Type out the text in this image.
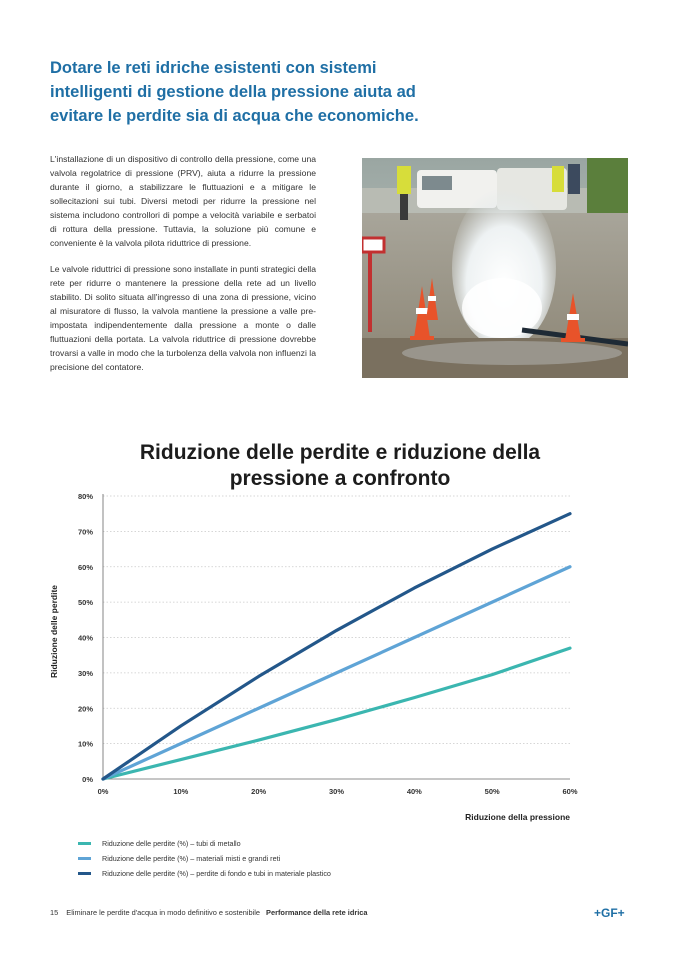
Dotare le reti idriche esistenti con sistemi intelligenti di gestione della pressione aiuta ad evitare le perdite sia di acqua che economiche.

L'installazione di un dispositivo di controllo della pressione, come una valvola regolatrice di pressione (PRV), aiuta a ridurre la pressione durante il giorno, a stabilizzare le fluttuazioni e a mitigare le sollecitazioni sui tubi. Diversi metodi per ridurre la pressione nel sistema includono controllori di pompe a velocità variabile e serbatoi di rottura della pressione. Tuttavia, la soluzione più comune e conveniente è la valvola pilota riduttrice di pressione.

Le valvole riduttrici di pressione sono installate in punti strategici della rete per ridurre o mantenere la pressione della rete ad un livello stabilito. Di solito situata all'ingresso di una zona di pressione, vicino al misuratore di flusso, la valvola mantiene la pressione a valle pre-impostata indipendentemente dalla pressione a monte o dalle fluttuazioni della portata. La valvola riduttrice di pressione dovrebbe trovarsi a valle in modo che la turbolenza della valvola non influenzi la precisione del contatore.

Riduzione delle perdite e riduzione della pressione a confronto
0%
10%
20%
30%
40%
50%
60%
70%
80%
0%	10%	20%	30%	40%	50%	60%
Riduzione delle perdite
Riduzione della pressione
Riduzione delle perdite (%) – tubi di metallo
Riduzione delle perdite (%) – materiali misti e grandi reti
Riduzione delle perdite (%) – perdite di fondo e tubi in materiale plastico
15 Eliminare le perdite d'acqua in modo definitivo e sostenibile Performance della rete idrica	+GF+
